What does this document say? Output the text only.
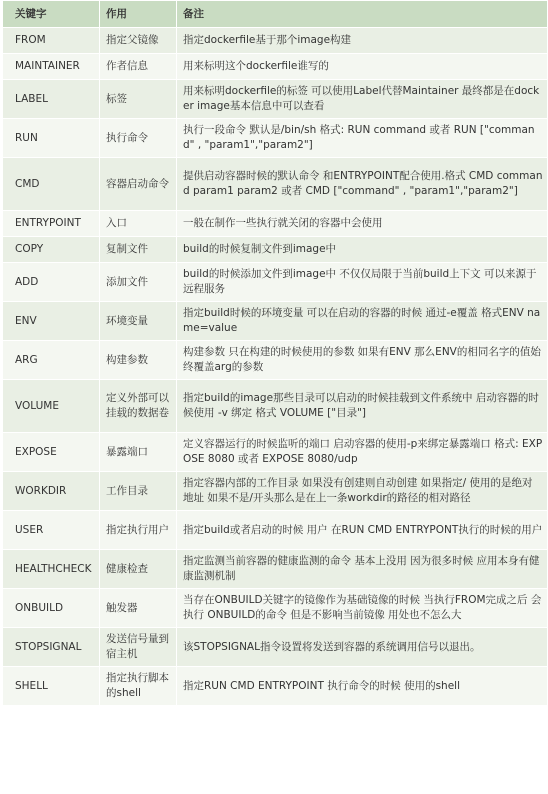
关键字	作用	备注
FROM	指定父镜像	指定dockerfile基于那个image构建
MAINTAINER	作者信息	用来标明这个dockerfile谁写的
LABEL	标签	用来标明dockerfile的标签 可以使用Label代替Maintainer 最终都是在docker image基本信息中可以查看
RUN	执行命令	执行一段命令 默认是/bin/sh 格式: RUN command 或者 RUN ["command" , "param1","param2"]
CMD	容器启动命令	提供启动容器时候的默认命令 和ENTRYPOINT配合使用.格式 CMD command param1 param2 或者 CMD ["command" , "param1","param2"]
ENTRYPOINT	入口	一般在制作一些执行就关闭的容器中会使用
COPY	复制文件	build的时候复制文件到image中
ADD	添加文件	build的时候添加文件到image中 不仅仅局限于当前build上下文 可以来源于远程服务
ENV	环境变量	指定build时候的环境变量 可以在启动的容器的时候 通过-e覆盖 格式ENV name=value
ARG	构建参数	构建参数 只在构建的时候使用的参数 如果有ENV 那么ENV的相同名字的值始终覆盖arg的参数
VOLUME	定义外部可以挂载的数据卷	指定build的image那些目录可以启动的时候挂载到文件系统中 启动容器的时候使用 -v 绑定 格式 VOLUME ["目录"]
EXPOSE	暴露端口	定义容器运行的时候监听的端口 启动容器的使用-p来绑定暴露端口 格式: EXPOSE 8080 或者 EXPOSE 8080/udp
WORKDIR	工作目录	指定容器内部的工作目录 如果没有创建则自动创建 如果指定/ 使用的是绝对地址 如果不是/开头那么是在上一条workdir的路径的相对路径
USER	指定执行用户	指定build或者启动的时候 用户 在RUN CMD ENTRYPONT执行的时候的用户
HEALTHCHECK	健康检查	指定监测当前容器的健康监测的命令 基本上没用 因为很多时候 应用本身有健康监测机制
ONBUILD	触发器	当存在ONBUILD关键字的镜像作为基础镜像的时候 当执行FROM完成之后 会执行 ONBUILD的命令 但是不影响当前镜像 用处也不怎么大
STOPSIGNAL	发送信号量到宿主机	该STOPSIGNAL指令设置将发送到容器的系统调用信号以退出。
SHELL	指定执行脚本的shell	指定RUN CMD ENTRYPOINT 执行命令的时候 使用的shell
